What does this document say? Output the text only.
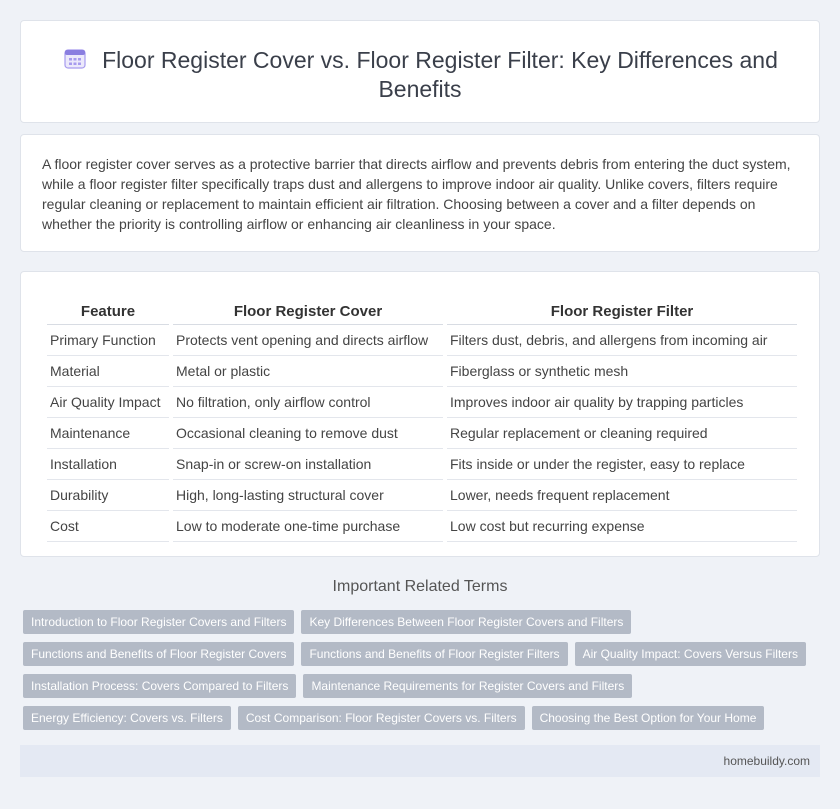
Floor Register Cover vs. Floor Register Filter: Key Differences and Benefits

A floor register cover serves as a protective barrier that directs airflow and prevents debris from entering the duct system, while a floor register filter specifically traps dust and allergens to improve indoor air quality. Unlike covers, filters require regular cleaning or replacement to maintain efficient air filtration. Choosing between a cover and a filter depends on whether the priority is controlling airflow or enhancing air cleanliness in your space.

Feature	Floor Register Cover	Floor Register Filter
Primary Function	Protects vent opening and directs airflow	Filters dust, debris, and allergens from incoming air
Material	Metal or plastic	Fiberglass or synthetic mesh
Air Quality Impact	No filtration, only airflow control	Improves indoor air quality by trapping particles
Maintenance	Occasional cleaning to remove dust	Regular replacement or cleaning required
Installation	Snap-in or screw-on installation	Fits inside or under the register, easy to replace
Durability	High, long-lasting structural cover	Lower, needs frequent replacement
Cost	Low to moderate one-time purchase	Low cost but recurring expense
Important Related Terms
Introduction to Floor Register Covers and Filters	Key Differences Between Floor Register Covers and Filters
Functions and Benefits of Floor Register Covers	Functions and Benefits of Floor Register Filters	Air Quality Impact: Covers Versus Filters
Installation Process: Covers Compared to Filters	Maintenance Requirements for Register Covers and Filters
Energy Efficiency: Covers vs. Filters	Cost Comparison: Floor Register Covers vs. Filters	Choosing the Best Option for Your Home
homebuildy.com
